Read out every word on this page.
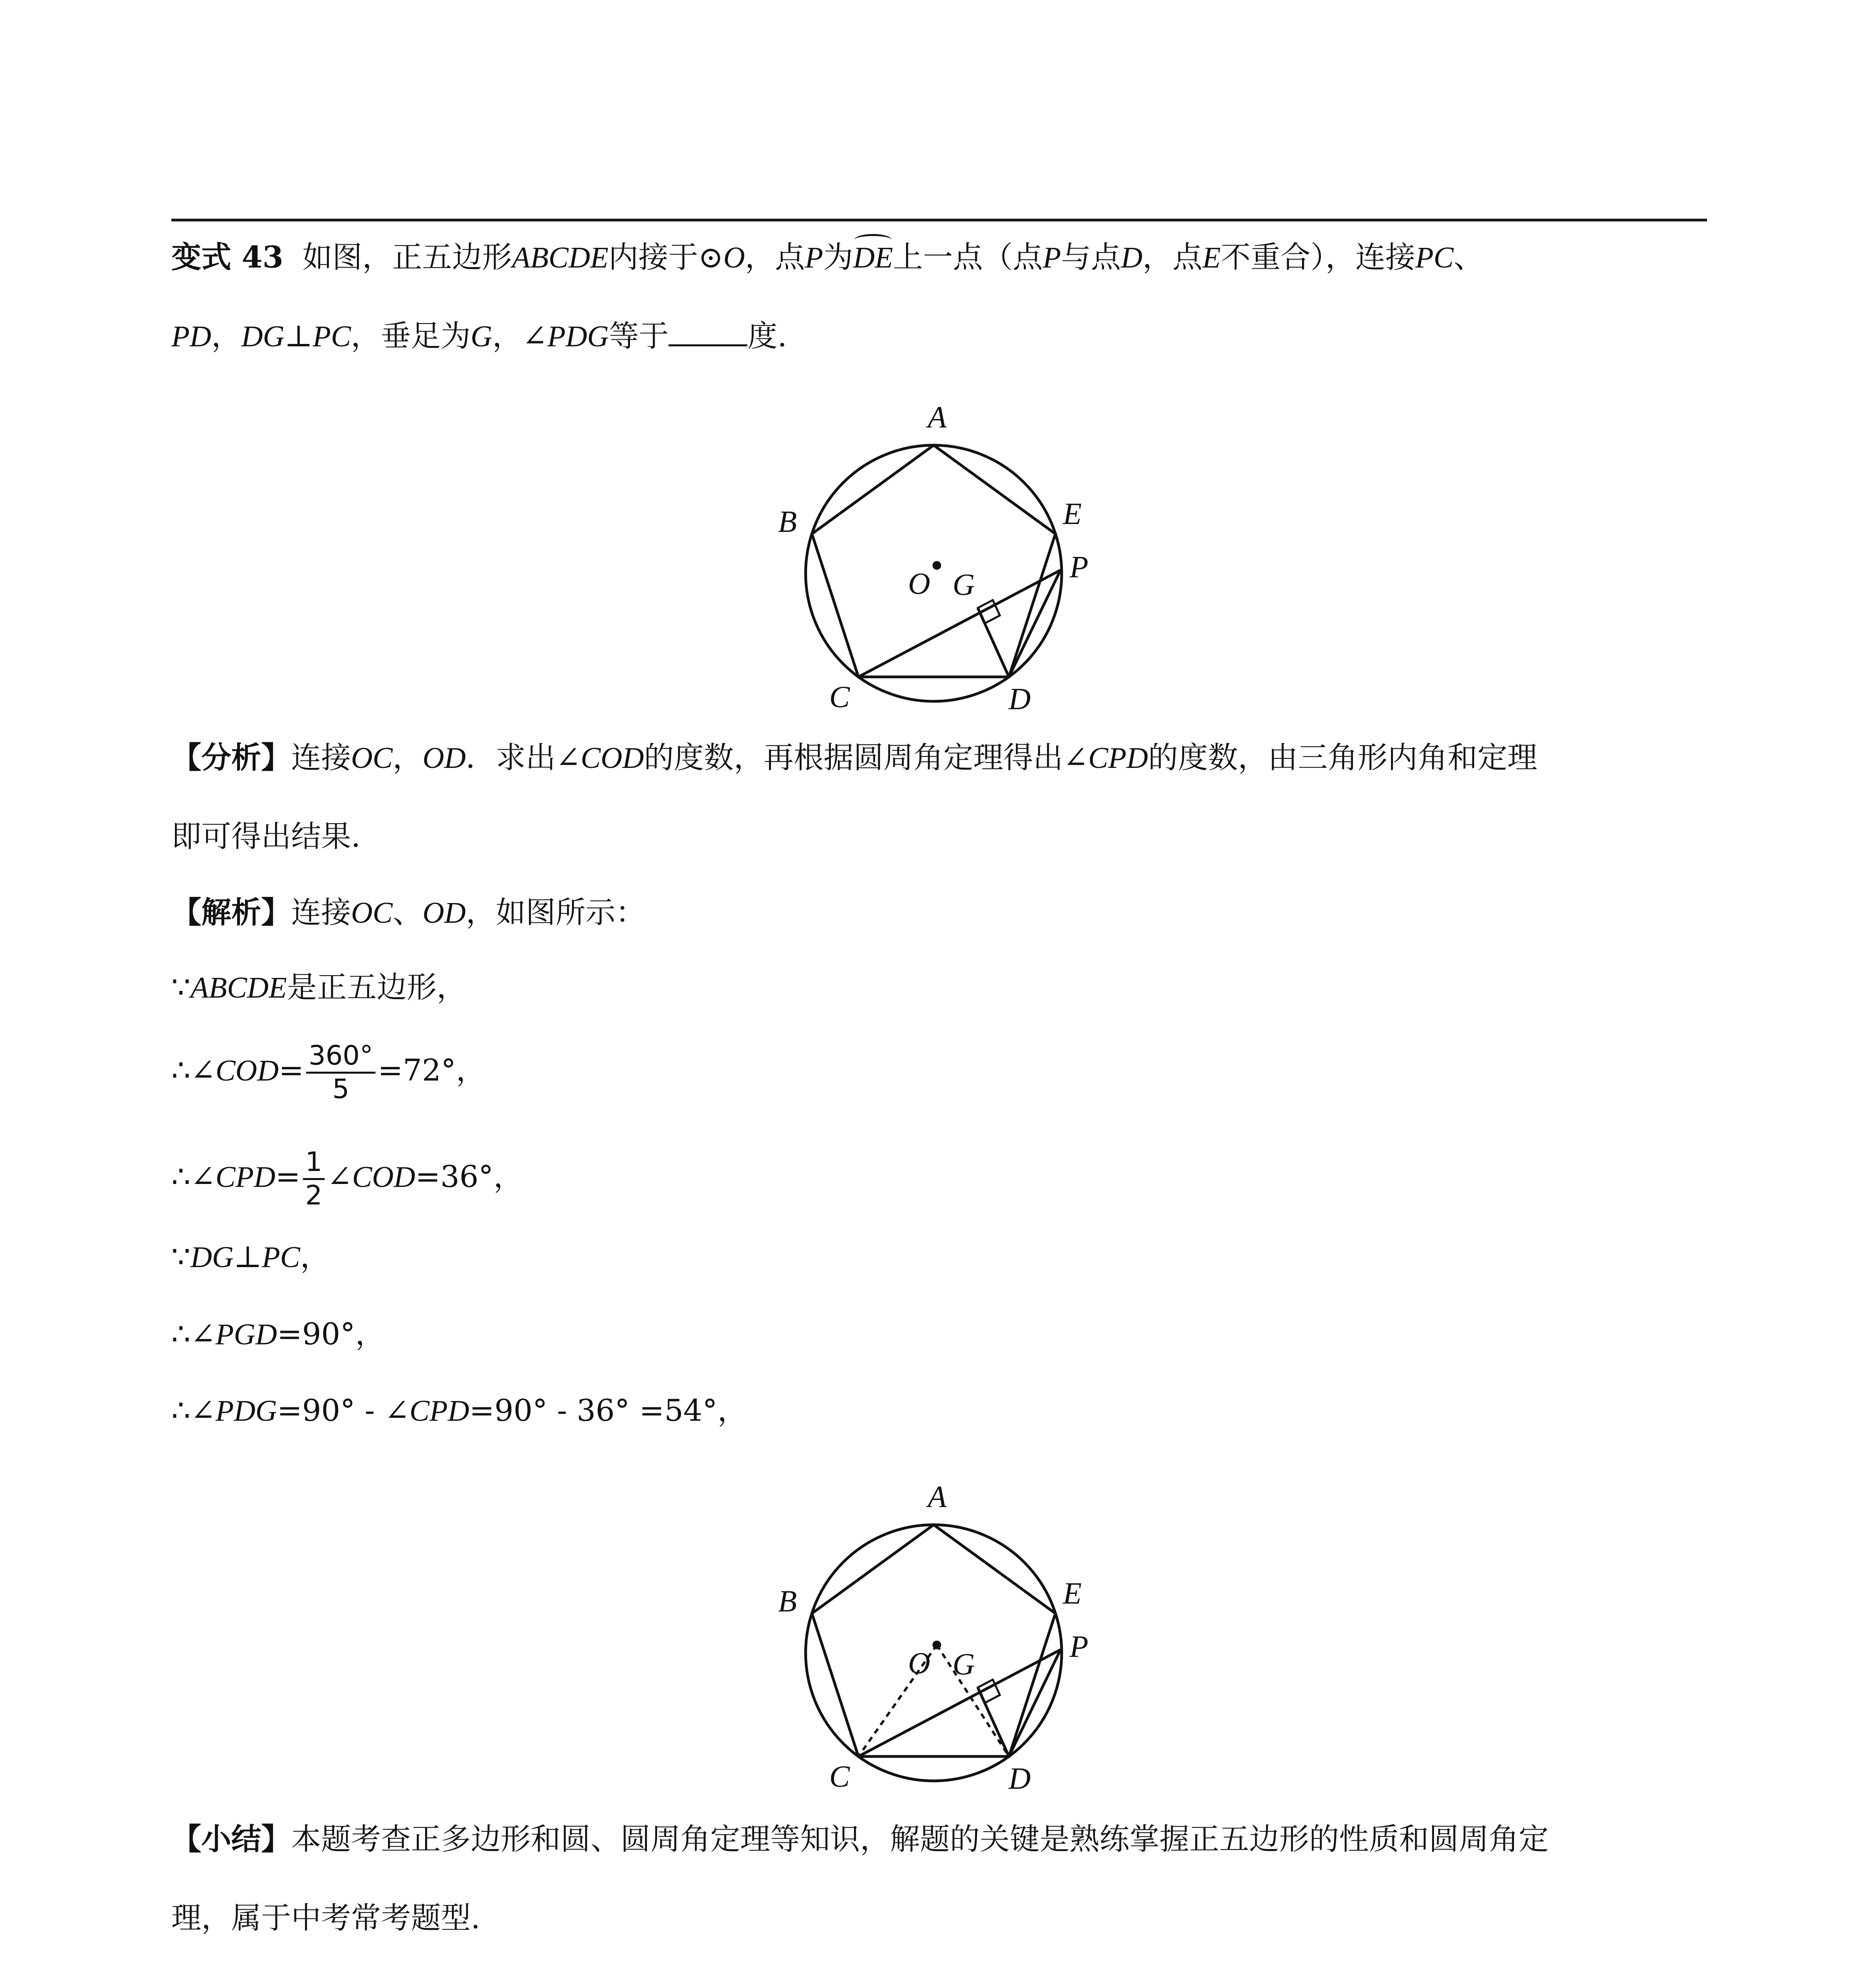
变式 43 如图，正五边形ABCDE内接于⊙O，点P为DE上一点（点P与点D，点E不重合），连接PC、
PD，DG⊥PC，垂足为G，∠PDG等于	度.
A
B
C	D
E
O G
P
【分析】连接OC，OD．求出∠COD的度数，再根据圆周角定理得出∠CPD的度数，由三角形内角和定理
即可得出结果.
【解析】连接OC、OD，如图所示：
∵ABCDE是正五边形，
∴∠COD= $\frac{360^\circ}{5} =72^\circ$，
∴∠CPD= $\frac{1}{2}$ ∠COD=36°，
∵DG⊥PC，
∴∠PGD=90°，
∴∠PDG=90° - ∠CPD=90° - 36° =54°，
A
B
C	D
E
O G
P
【小结】本题考查正多边形和圆、圆周角定理等知识，解题的关键是熟练掌握正五边形的性质和圆周角定
理，属于中考常考题型.
